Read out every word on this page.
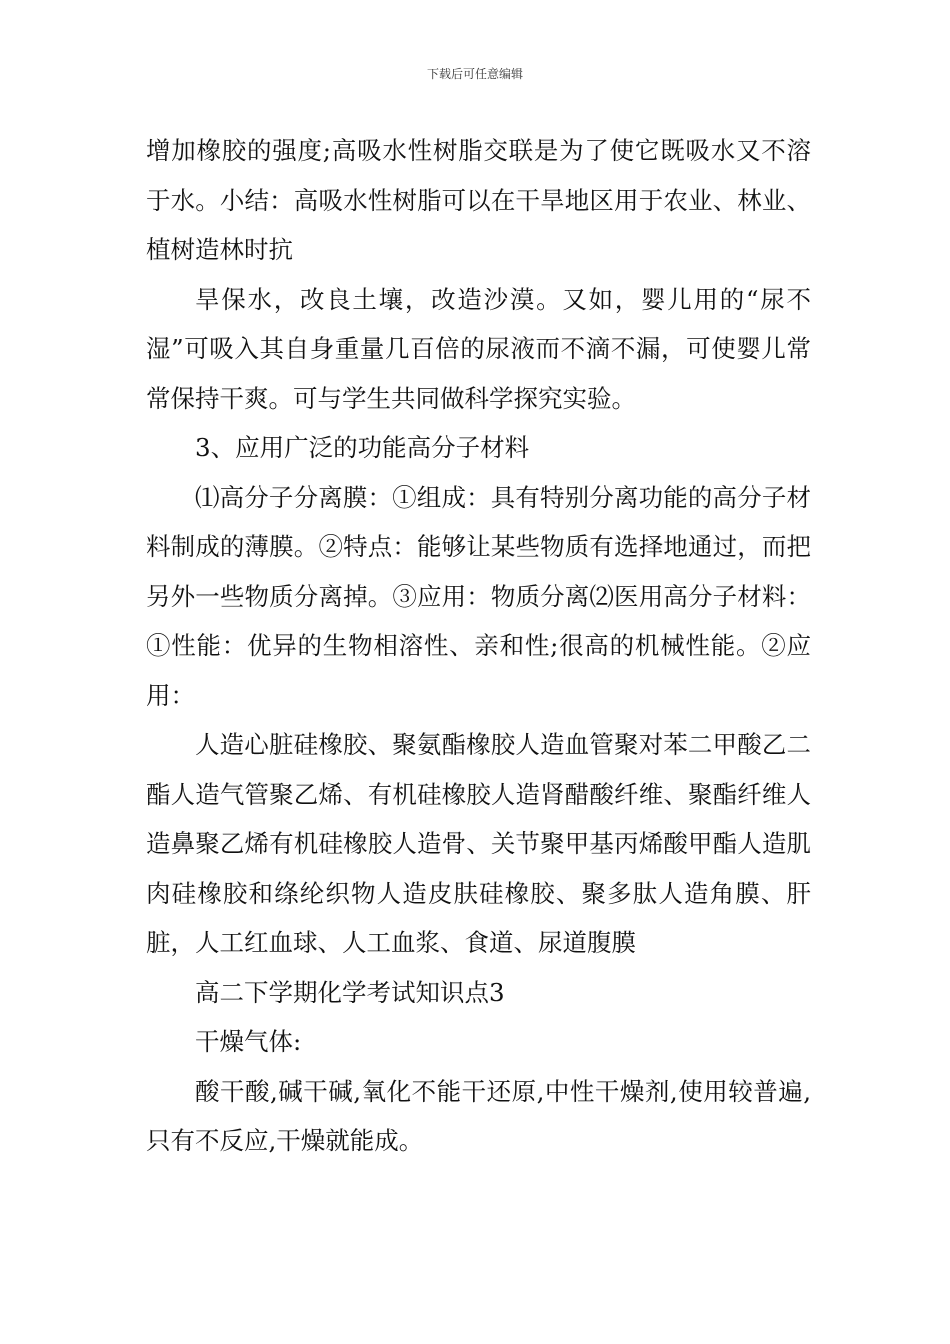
下载后可任意编辑

增加橡胶的强度;高吸水性树脂交联是为了使它既吸水又不溶于水。小结：高吸水性树脂可以在干旱地区用于农业、林业、植树造林时抗

旱保水，改良土壤，改造沙漠。又如，婴儿用的“尿不湿”可吸入其自身重量几百倍的尿液而不滴不漏，可使婴儿常常保持干爽。可与学生共同做科学探究实验。

3、应用广泛的功能高分子材料

⑴高分子分离膜：①组成：具有特别分离功能的高分子材料制成的薄膜。②特点：能够让某些物质有选择地通过，而把另外一些物质分离掉。③应用：物质分离⑵医用高分子材料：①性能：优异的生物相溶性、亲和性;很高的机械性能。②应用：

人造心脏硅橡胶、聚氨酯橡胶人造血管聚对苯二甲酸乙二酯人造气管聚乙烯、有机硅橡胶人造肾醋酸纤维、聚酯纤维人造鼻聚乙烯有机硅橡胶人造骨、关节聚甲基丙烯酸甲酯人造肌肉硅橡胶和绦纶织物人造皮肤硅橡胶、聚多肽人造角膜、肝脏，人工红血球、人工血浆、食道、尿道腹膜

高二下学期化学考试知识点3

干燥气体:

酸干酸,碱干碱,氧化不能干还原,中性干燥剂,使用较普遍,只有不反应,干燥就能成。
